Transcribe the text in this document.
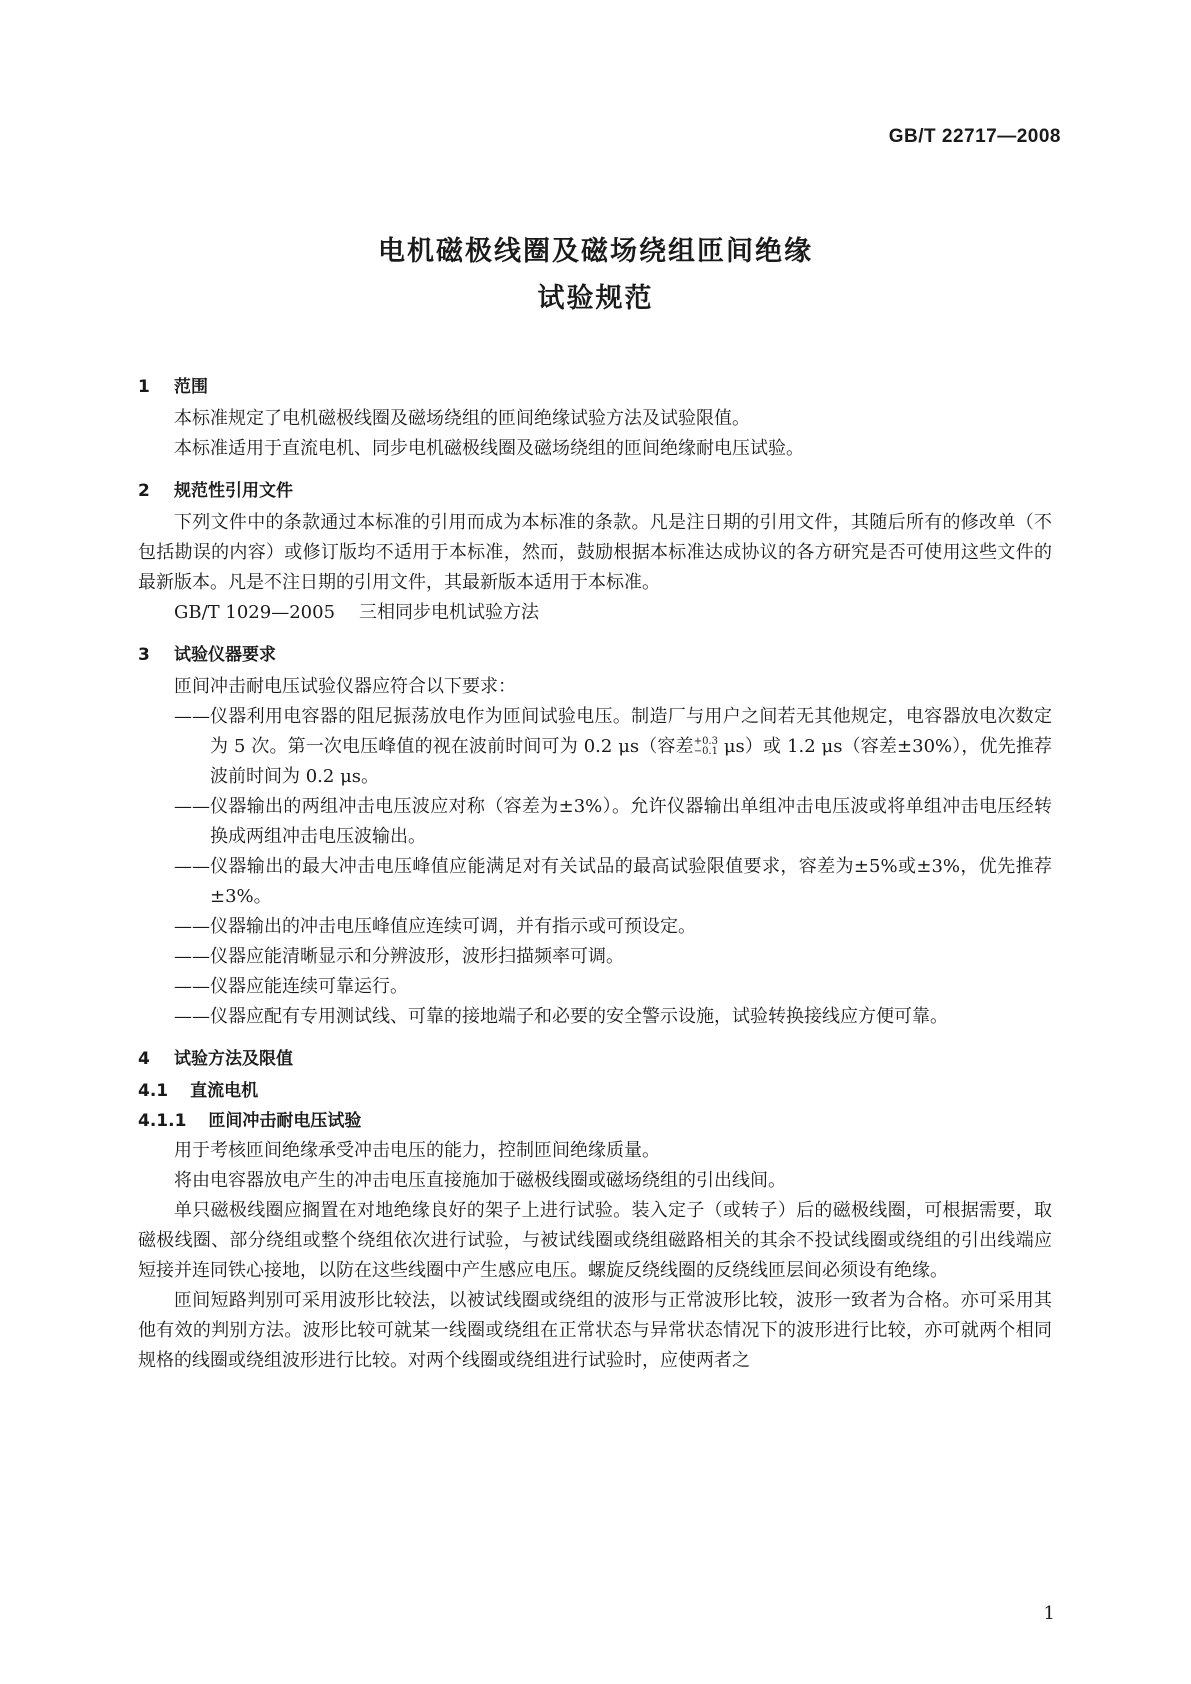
GB/T 22717—2008
电机磁极线圈及磁场绕组匝间绝缘
试验规范
1 范围

本标准规定了电机磁极线圈及磁场绕组的匝间绝缘试验方法及试验限值。

本标准适用于直流电机、同步电机磁极线圈及磁场绕组的匝间绝缘耐电压试验。

2 规范性引用文件

下列文件中的条款通过本标准的引用而成为本标准的条款。凡是注日期的引用文件，其随后所有的修改单（不包括勘误的内容）或修订版均不适用于本标准，然而，鼓励根据本标准达成协议的各方研究是否可使用这些文件的最新版本。凡是不注日期的引用文件，其最新版本适用于本标准。

GB/T 1029—2005 三相同步电机试验方法
3 试验仪器要求

匝间冲击耐电压试验仪器应符合以下要求：

—— 仪器利用电容器的阻尼振荡放电作为匝间试验电压。制造厂与用户之间若无其他规定，电容器放电次数定为 5 次。第一次电压峰值的视在波前时间可为 0.2 μs（容差 +0.3
−0.1 μs）或 1.2 μs（容差±30%），优先推荐波前时间为 0.2 μs。
—— 仪器输出的两组冲击电压波应对称（容差为±3%）。允许仪器输出单组冲击电压波或将单组冲击电压经转换成两组冲击电压波输出。
—— 仪器输出的最大冲击电压峰值应能满足对有关试品的最高试验限值要求，容差为±5%或±3%，优先推荐±3%。
—— 仪器输出的冲击电压峰值应连续可调，并有指示或可预设定。
—— 仪器应能清晰显示和分辨波形，波形扫描频率可调。
—— 仪器应能连续可靠运行。
—— 仪器应配有专用测试线、可靠的接地端子和必要的安全警示设施，试验转换接线应方便可靠。
4 试验方法及限值
4.1 直流电机
4.1.1 匝间冲击耐电压试验

用于考核匝间绝缘承受冲击电压的能力，控制匝间绝缘质量。

将由电容器放电产生的冲击电压直接施加于磁极线圈或磁场绕组的引出线间。

单只磁极线圈应搁置在对地绝缘良好的架子上进行试验。装入定子（或转子）后的磁极线圈，可根据需要，取磁极线圈、部分绕组或整个绕组依次进行试验，与被试线圈或绕组磁路相关的其余不投试线圈或绕组的引出线端应短接并连同铁心接地，以防在这些线圈中产生感应电压。螺旋反绕线圈的反绕线匝层间必须设有绝缘。

匝间短路判别可采用波形比较法，以被试线圈或绕组的波形与正常波形比较，波形一致者为合格。亦可采用其他有效的判别方法。波形比较可就某一线圈或绕组在正常状态与异常状态情况下的波形进行比较，亦可就两个相同规格的线圈或绕组波形进行比较。对两个线圈或绕组进行试验时，应使两者之

1
